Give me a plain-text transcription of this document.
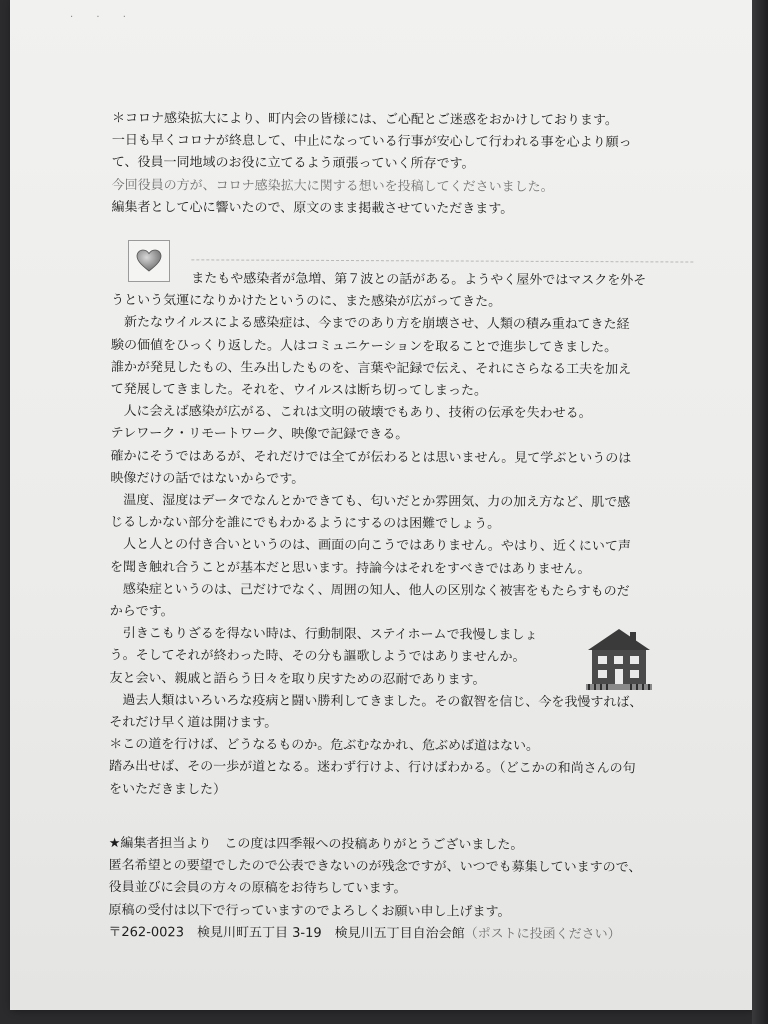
· · ·
＊コロナ感染拡大により、町内会の皆様には、ご心配とご迷惑をおかけしております。
一日も早くコロナが終息して、中止になっている行事が安心して行われる事を心より願っ
て、役員一同地域のお役に立てるよう頑張っていく所存です。
今回役員の方が、コロナ感染拡大に関する想いを投稿してくださいました。
編集者として心に響いたので、原文のまま掲載させていただきます。
またもや感染者が急増、第７波との話がある。ようやく屋外ではマスクを外そ
うという気運になりかけたというのに、また感染が広がってきた。
新たなウイルスによる感染症は、今までのあり方を崩壊させ、人類の積み重ねてきた経
験の価値をひっくり返した。人はコミュニケーションを取ることで進歩してきました。
誰かが発見したもの、生み出したものを、言葉や記録で伝え、それにさらなる工夫を加え
て発展してきました。それを、ウイルスは断ち切ってしまった。
人に会えば感染が広がる、これは文明の破壊でもあり、技術の伝承を失わせる。
テレワーク・リモートワーク、映像で記録できる。
確かにそうではあるが、それだけでは全てが伝わるとは思いません。見て学ぶというのは
映像だけの話ではないからです。
温度、湿度はデータでなんとかできても、匂いだとか雰囲気、力の加え方など、肌で感
じるしかない部分を誰にでもわかるようにするのは困難でしょう。
人と人との付き合いというのは、画面の向こうではありません。やはり、近くにいて声
を聞き触れ合うことが基本だと思います。持論今はそれをすべきではありません。
感染症というのは、己だけでなく、周囲の知人、他人の区別なく被害をもたらすものだ
からです。
引きこもりざるを得ない時は、行動制限、ステイホームで我慢しましょ
う。そしてそれが終わった時、その分も謳歌しようではありませんか。
友と会い、親戚と語らう日々を取り戻すための忍耐であります。
過去人類はいろいろな疫病と闘い勝利してきました。その叡智を信じ、今を我慢すれば、
それだけ早く道は開けます。
＊この道を行けば、どうなるものか。危ぶむなかれ、危ぶめば道はない。
踏み出せば、その一歩が道となる。迷わず行けよ、行けばわかる。（どこかの和尚さんの句
をいただきました）
★編集者担当より　この度は四季報への投稿ありがとうございました。
匿名希望との要望でしたので公表できないのが残念ですが、いつでも募集していますので、
役員並びに会員の方々の原稿をお待ちしています。
原稿の受付は以下で行っていますのでよろしくお願い申し上げます。
〒262-0023　検見川町五丁目 3-19　検見川五丁目自治会館（ポストに投函ください）
